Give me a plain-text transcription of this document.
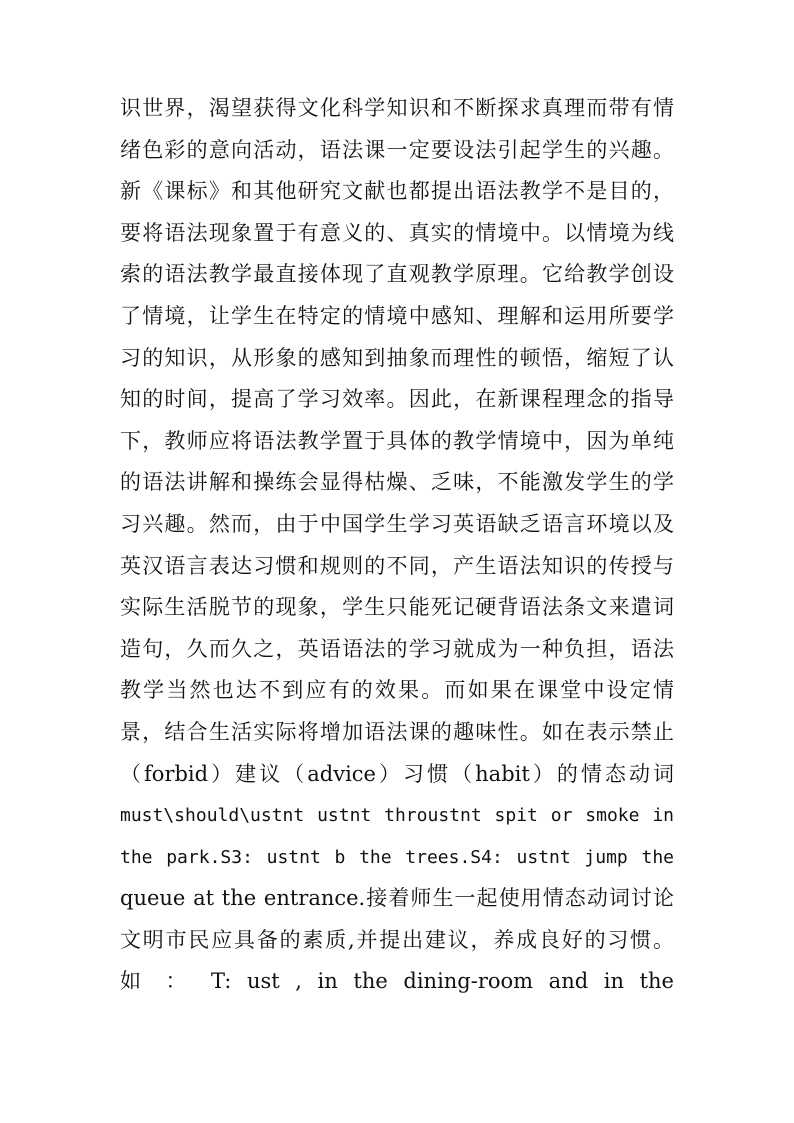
识世界，渴望获得文化科学知识和不断探求真理而带有情
绪色彩的意向活动，语法课一定要设法引起学生的兴趣。
新《课标》和其他研究文献也都提出语法教学不是目的，
要将语法现象置于有意义的、真实的情境中。以情境为线
索的语法教学最直接体现了直观教学原理。它给教学创设
了情境，让学生在特定的情境中感知、理解和运用所要学
习的知识，从形象的感知到抽象而理性的顿悟，缩短了认
知的时间，提高了学习效率。因此，在新课程理念的指导
下，教师应将语法教学置于具体的教学情境中，因为单纯
的语法讲解和操练会显得枯燥、乏味，不能激发学生的学
习兴趣。然而，由于中国学生学习英语缺乏语言环境以及
英汉语言表达习惯和规则的不同，产生语法知识的传授与
实际生活脱节的现象，学生只能死记硬背语法条文来遣词
造句，久而久之，英语语法的学习就成为一种负担，语法
教学当然也达不到应有的效果。而如果在课堂中设定情
景，结合生活实际将增加语法课的趣味性。如在表示禁止
（forbid）建议（advice）习惯（habit）的情态动词
must\should\ustnt ustnt throustnt spit or smoke in
the park.S3: ustnt b the trees.S4: ustnt jump the
queue at the entrance.接着师生一起使用情态动词讨论
文明市民应具备的素质,并提出建议，养成良好的习惯。
如 ： T: ust , in the dining-room and in the
